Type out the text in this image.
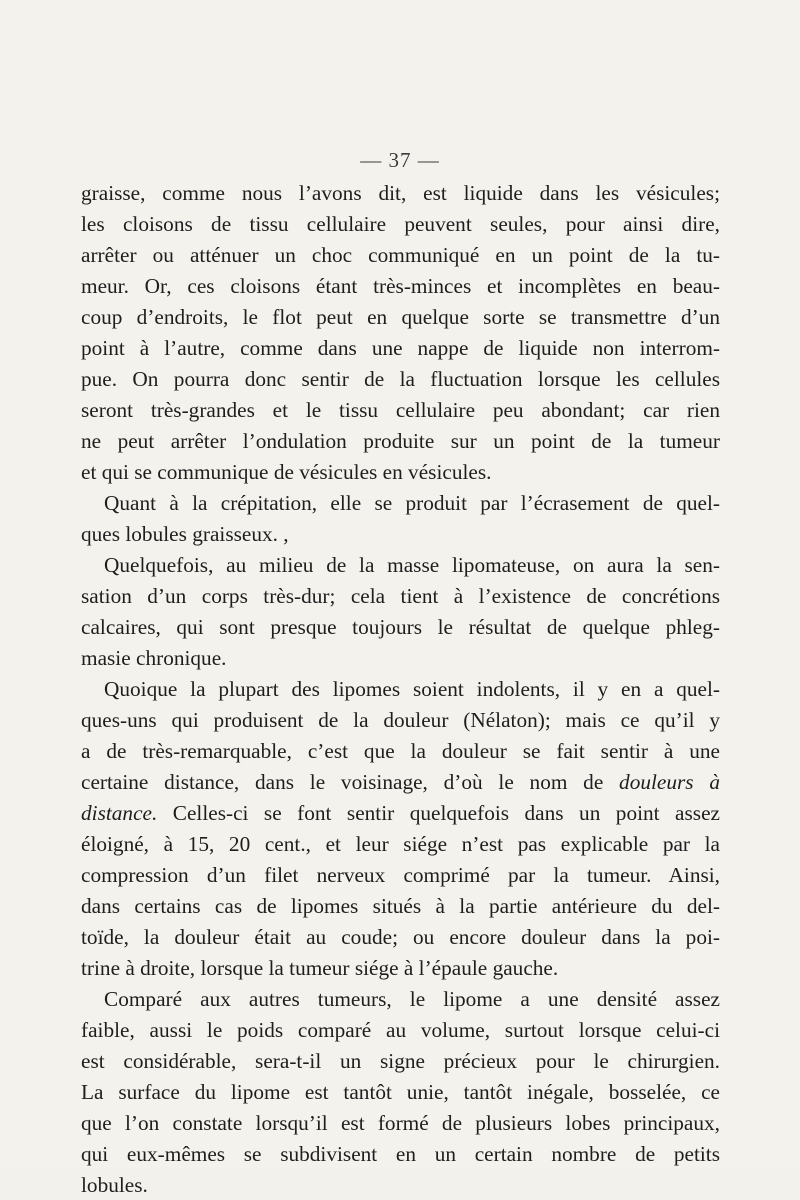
— 37 —
graisse, comme nous l’avons dit, est liquide dans les vésicules;
les cloisons de tissu cellulaire peuvent seules, pour ainsi dire,
arrêter ou atténuer un choc communiqué en un point de la tu-
meur. Or, ces cloisons étant très-minces et incomplètes en beau-
coup d’endroits, le flot peut en quelque sorte se transmettre d’un
point à l’autre, comme dans une nappe de liquide non interrom-
pue. On pourra donc sentir de la fluctuation lorsque les cellules
seront très-grandes et le tissu cellulaire peu abondant; car rien
ne peut arrêter l’ondulation produite sur un point de la tumeur
et qui se communique de vésicules en vésicules.
Quant à la crépitation, elle se produit par l’écrasement de quel-
ques lobules graisseux. ,
Quelquefois, au milieu de la masse lipomateuse, on aura la sen-
sation d’un corps très-dur; cela tient à l’existence de concrétions
calcaires, qui sont presque toujours le résultat de quelque phleg-
masie chronique.
Quoique la plupart des lipomes soient indolents, il y en a quel-
ques-uns qui produisent de la douleur (Nélaton); mais ce qu’il y
a de très-remarquable, c’est que la douleur se fait sentir à une
certaine distance, dans le voisinage, d’où le nom de douleurs à
distance. Celles-ci se font sentir quelquefois dans un point assez
éloigné, à 15, 20 cent., et leur siége n’est pas explicable par la
compression d’un filet nerveux comprimé par la tumeur. Ainsi,
dans certains cas de lipomes situés à la partie antérieure du del-
toïde, la douleur était au coude; ou encore douleur dans la poi-
trine à droite, lorsque la tumeur siége à l’épaule gauche.
Comparé aux autres tumeurs, le lipome a une densité assez
faible, aussi le poids comparé au volume, surtout lorsque celui-ci
est considérable, sera-t-il un signe précieux pour le chirurgien.
La surface du lipome est tantôt unie, tantôt inégale, bosselée, ce
que l’on constate lorsqu’il est formé de plusieurs lobes principaux,
qui eux-mêmes se subdivisent en un certain nombre de petits
lobules.
